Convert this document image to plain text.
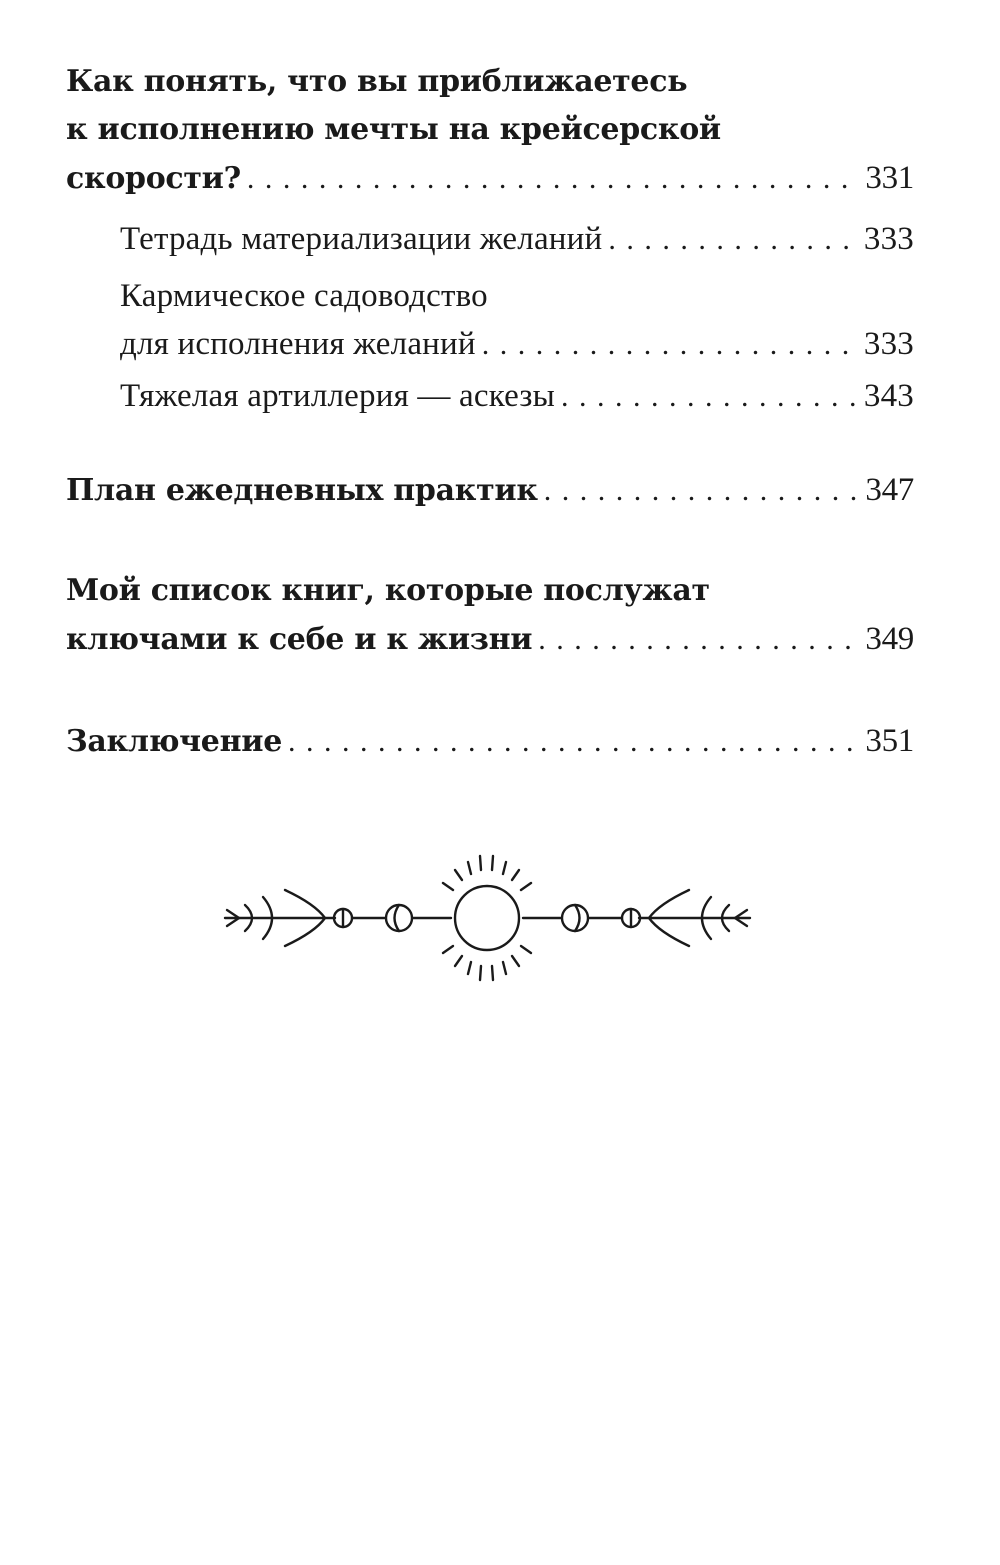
Как понять, что вы приближаетесь
к исполнению мечты на крейсерской
скорости? . . .	331
Тетрадь материализации желаний . . .	333
Кармическое садоводство
для исполнения желаний . . .	333
Тяжелая артиллерия — аскезы . . .	343
План ежедневных практик . . .	347
Мой список книг, которые послужат
ключами к себе и к жизни . . .	349
Заключение . . .	351
